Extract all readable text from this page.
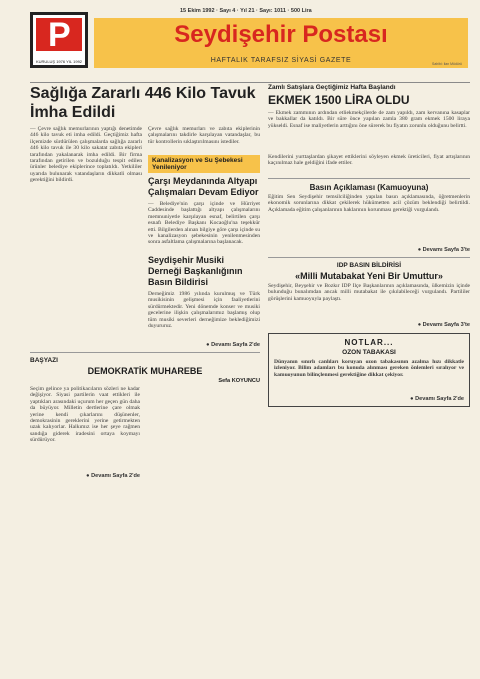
P
KURULUŞ 1976 YIL 1992
15 Ekim 1992 · Sayı 4 · Yıl 21 · Sayı: 1011 · 500 Lira
Seydişehir Postası
HAFTALIK TARAFSIZ SİYASİ GAZETE	Sahibi: ilan Müdürü
Sağlığa Zararlı 446 Kilo Tavuk İmha Edildi
— Çevre sağlık memurlarının yaptığı denetimde 446 kilo tavuk eti imha edildi. Geçtiğimiz hafta ilçemizde sürdürülen çalışmalarda sağlığa zararlı 446 kilo tavuk ile 30 kilo sakatat zabıta ekipleri tarafından yakalanarak imha edildi. Bir firma tarafından getirilen ve bozulduğu tespit edilen ürünler belediye ekiplerince toplatıldı. Yetkililer uyarıda bulunarak vatandaşların dikkatli olması gerektiğini bildirdi.
Çevre sağlık memurları ve zabıta ekiplerinin çalışmalarını takdirle karşılayan vatandaşlar, bu tür kontrollerin sıklaştırılmasını istediler.
Kanalizasyon ve Su Şebekesi Yenileniyor
Çarşı Meydanında Altyapı Çalışmaları Devam Ediyor
— Belediye'nin çarşı içinde ve Hürriyet Caddesinde başlattığı altyapı çalışmalarını memnuniyetle karşılayan esnaf, belirtilen çarşı esnafı Belediye Başkanı Kocaoğlu'na teşekkür etti. Bilgilerden alınan bilgiye göre çarşı içinde su ve kanalizasyon şebekesinin yenilenmesinden sonra asfaltlama çalışmalarına başlanacak.
Seydişehir Musiki Derneği Başkanlığının Basın Bildirisi
Derneğimiz 1986 yılında kurulmuş ve Türk musikisinin gelişmesi için faaliyetlerini sürdürmektedir. Yeni dönemde konser ve musiki gecelerine ilişkin çalışmalarımız başlamış olup tüm musiki severleri derneğimize beklediğimizi duyururuz.
● Devamı Sayfa 2'de
BAŞYAZI
DEMOKRATİK MUHAREBE
Sefa KOYUNCU
Seçim gelince ya politikacıların sözleri ne kadar değişiyor. Siyasi partilerin vaat ettikleri ile yaptıkları arasındaki uçurum her geçen gün daha da büyüyor. Milletin dertlerine çare olmak yerine kendi çıkarlarını düşünenler, demokrasinin gereklerini yerine getirmekten uzak kalıyorlar. Halkımız ise her şeye rağmen sandığa giderek iradesini ortaya koymayı sürdürüyor.
● Devamı Sayfa 2'de
Zamlı Satışlara Geçtiğimiz Hafta Başlandı
EKMEK 1500 LİRA OLDU
— Ekmek zammının ardından etliekmekçilerde de zam yapıldı, zam kervanına kasaplar ve bakkallar da katıldı. Bir süre önce yapılan zamla 380 gram ekmek 1500 liraya yükseldi. Esnaf ise maliyetlerin arttığını öne sürerek bu fiyatın zorunlu olduğunu belirtti.
Kendilerini yurttaşlardan şikayet ettiklerini söyleyen ekmek üreticileri, fiyat artışlarının kaçınılmaz hale geldiğini ifade ettiler.
Basın Açıklaması (Kamuoyuna)
Eğitim Sen Seydişehir temsilciliğinden yapılan basın açıklamasında, öğretmenlerin ekonomik sorunlarına dikkat çekilerek hükümetten acil çözüm beklendiği belirtildi. Açıklamada eğitim çalışanlarının haklarının korunması gerektiği vurgulandı.
● Devamı Sayfa 3'te
IDP BASIN BİLDİRİSİ
«Milli Mutabakat Yeni Bir Umuttur»
Seydişehir, Beyşehir ve Bozkır IDP İlçe Başkanlarının açıklamasında, ülkemizin içinde bulunduğu bunalımdan ancak milli mutabakat ile çıkılabileceği vurgulandı. Partililer görüşlerini kamuoyuyla paylaştı.
● Devamı Sayfa 3'te
NOTLAR...
OZON TABAKASI
Dünyanın sınırlı canlıları koruyan ozon tabakasının azalma hızı dikkatle izleniyor. Bilim adamları bu konuda alınması gereken önlemleri sıralıyor ve kamuoyunun bilinçlenmesi gerektiğine dikkat çekiyor.
● Devamı Sayfa 2'de
